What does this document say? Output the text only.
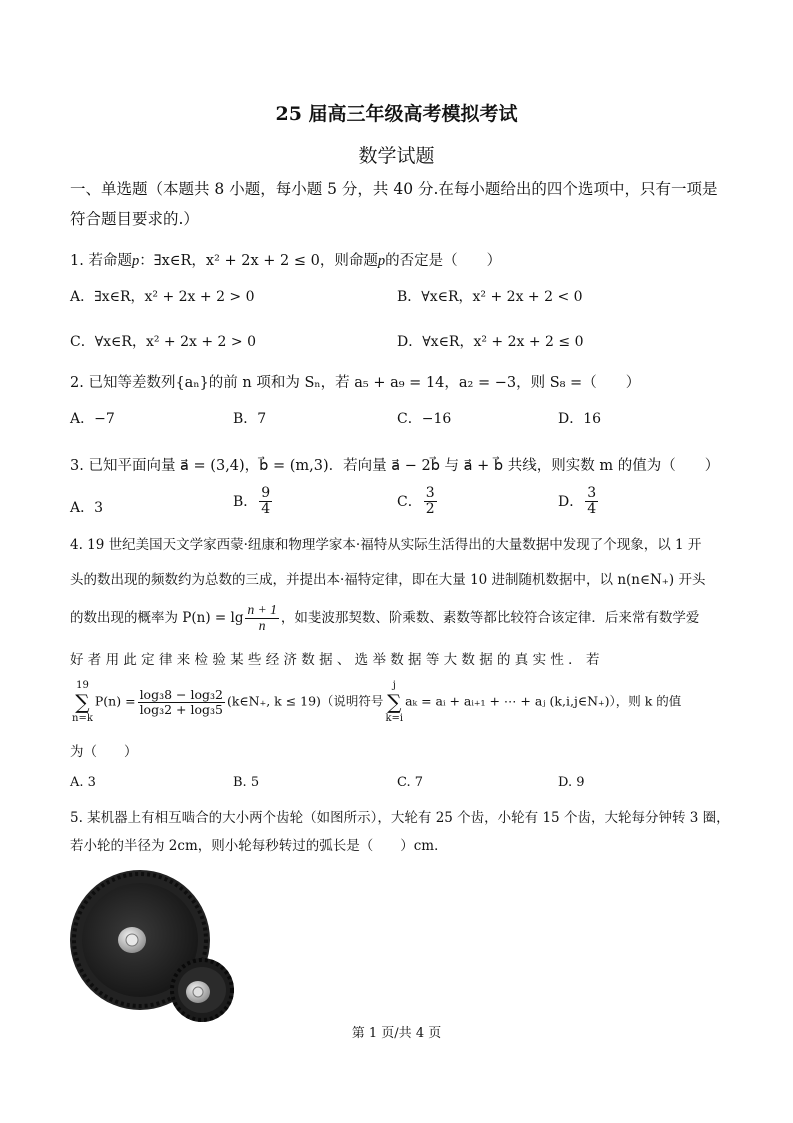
25 届高三年级高考模拟考试
数学试题
一、单选题（本题共 8 小题，每小题 5 分，共 40 分.在每小题给出的四个选项中，只有一项是
符合题目要求的.）
1. 若命题p：∃x∈R，x² + 2x + 2 ≤ 0，则命题p的否定是（　　）
A．∃x∈R，x² + 2x + 2 > 0	B．∀x∈R，x² + 2x + 2 < 0
C．∀x∈R，x² + 2x + 2 > 0	D．∀x∈R，x² + 2x + 2 ≤ 0
2. 已知等差数列{aₙ}的前 n 项和为 Sₙ，若 a₅ + a₉ = 14，a₂ = −3，则 S₈ =（　　）
A．−7	B．7	C．−16	D．16
3. 已知平面向量 a⃗ = (3,4)，b⃗ = (m,3)．若向量 a⃗ − 2b⃗ 与 a⃗ + b⃗ 共线，则实数 m 的值为（　　）
A．3	B． $\frac{9}{4}$	C． $\frac{3}{2}$	D． $\frac{3}{4}$
4. 19 世纪美国天文学家西蒙·纽康和物理学家本·福特从实际生活得出的大量数据中发现了个现象，以 1 开
头的数出现的频数约为总数的三成，并提出本·福特定律，即在大量 10 进制随机数据中，以 n(n∈N₊) 开头
的数出现的概率为 $P(n) = \lg \frac{n + 1}{n}$ ，如斐波那契数、阶乘数、素数等都比较符合该定律．后来常有数学爱
好 者 用 此 定 律 来 检 验 某 些 经 济 数 据 、 选 举 数 据 等 大 数 据 的 真 实 性 ． 若
19
∑
n=k
$P(n) = \frac{\text{log₃8 − log₃2}}{\text{log₃2 + log₃5}}$ (k∈N₊, k ≤ 19)（说明符号
j
∑
k=i
aₖ = aᵢ + aᵢ₊₁ + ⋯ + aⱼ (k,i,j∈N₊)），则 k 的值
为（　　）
A. 3	B. 5	C. 7	D. 9
5. 某机器上有相互啮合的大小两个齿轮（如图所示），大轮有 25 个齿，小轮有 15 个齿，大轮每分钟转 3 圈，
若小轮的半径为 2cm，则小轮每秒转过的弧长是（　　）cm．
第 1 页/共 4 页
